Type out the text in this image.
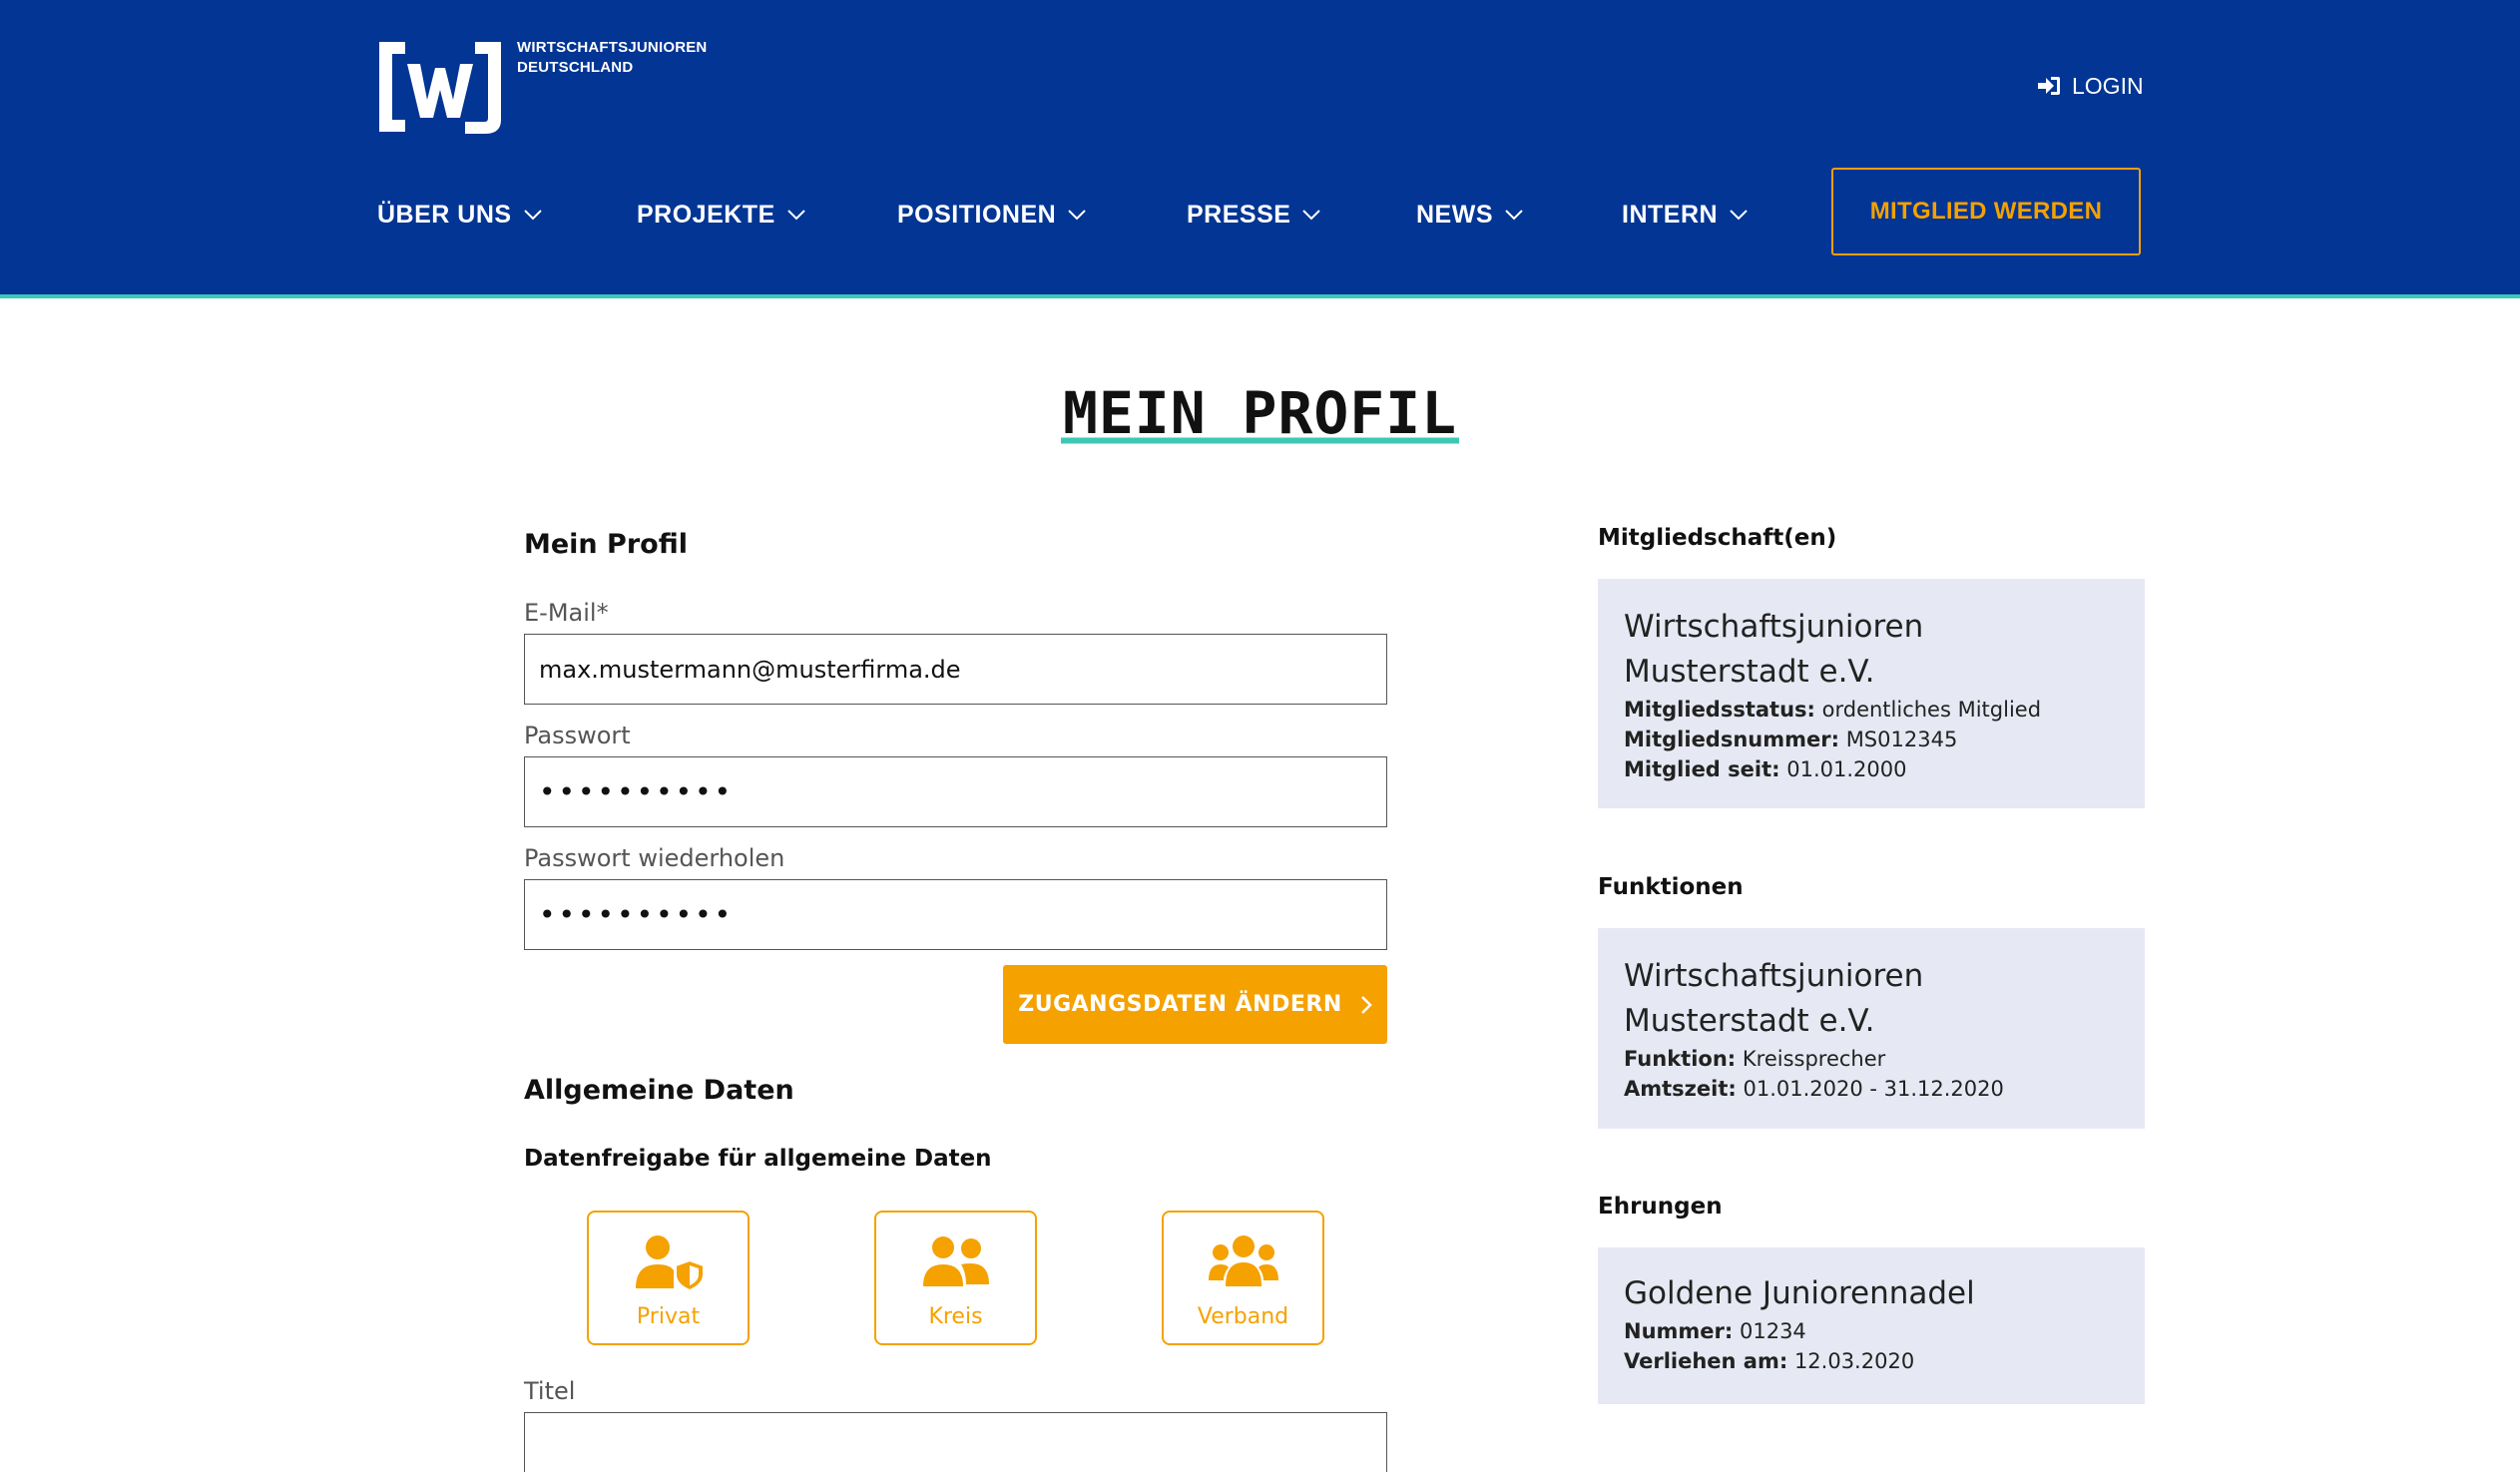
WIRTSCHAFTSJUNIOREN
DEUTSCHLAND
LOGIN
ÜBER UNS	PROJEKTE	POSITIONEN	PRESSE	NEWS	INTERN	MITGLIED WERDEN
MEIN PROFIL
Mein Profil
E-Mail*
max.mustermann@musterfirma.de
Passwort
••••••••••
Passwort wiederholen
••••••••••
ZUGANGSDATEN ÄNDERN
Allgemeine Daten
Datenfreigabe für allgemeine Daten
Privat	Kreis	Verband
Titel
Mitgliedschaft(en)
Wirtschaftsjunioren
Musterstadt e.V.
Mitgliedsstatus: ordentliches Mitglied
Mitgliedsnummer: MS012345
Mitglied seit: 01.01.2000
Funktionen
Wirtschaftsjunioren
Musterstadt e.V.
Funktion: Kreissprecher
Amtszeit: 01.01.2020 - 31.12.2020
Ehrungen
Goldene Juniorennadel
Nummer: 01234
Verliehen am: 12.03.2020
